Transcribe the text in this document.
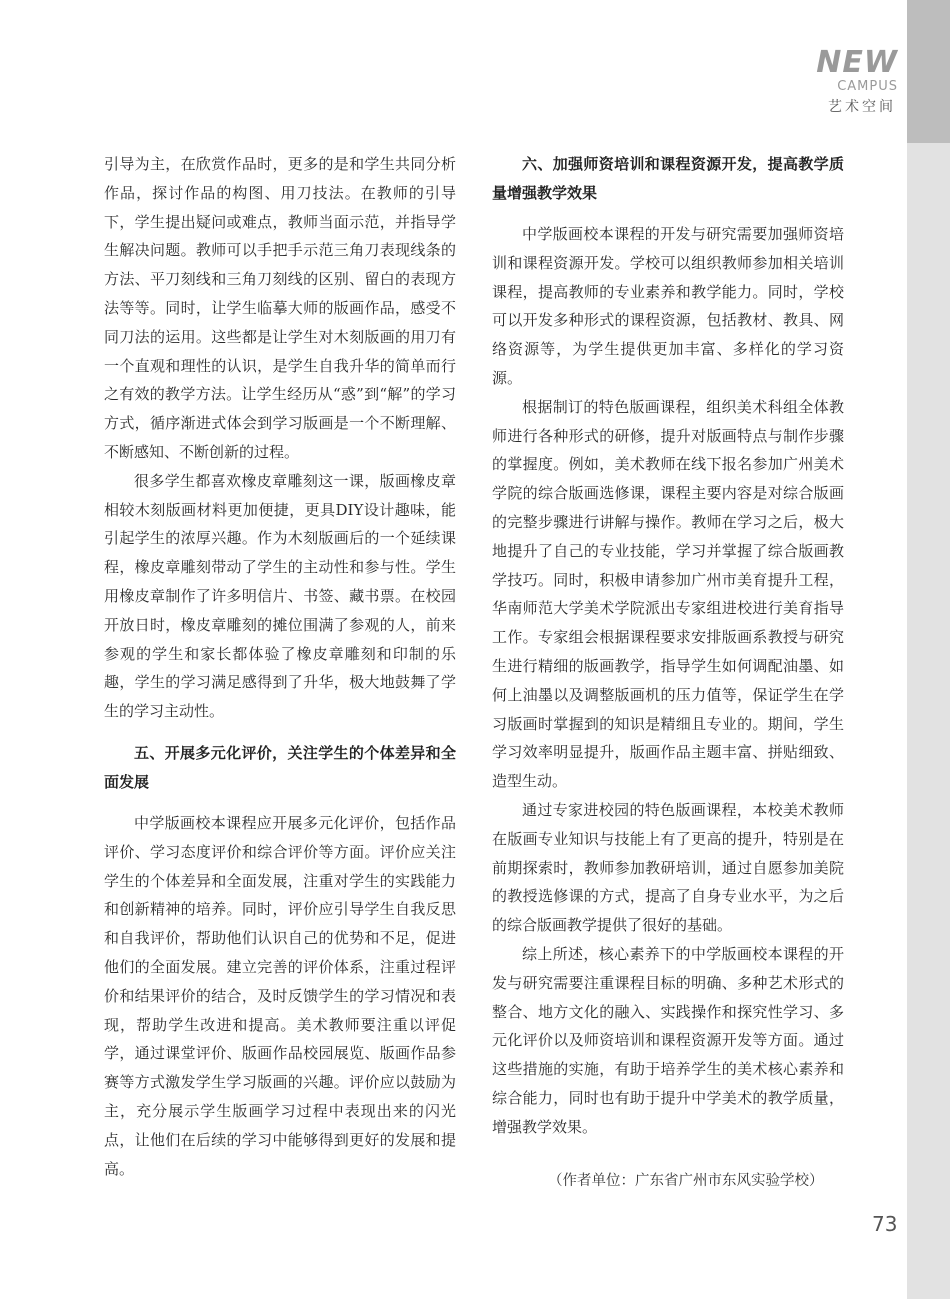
NEW
CAMPUS
艺术空间

引导为主，在欣赏作品时，更多的是和学生共同分析作品，探讨作品的构图、用刀技法。在教师的引导下，学生提出疑问或难点，教师当面示范，并指导学生解决问题。教师可以手把手示范三角刀表现线条的方法、平刀刻线和三角刀刻线的区别、留白的表现方法等等。同时，让学生临摹大师的版画作品，感受不同刀法的运用。这些都是让学生对木刻版画的用刀有一个直观和理性的认识，是学生自我升华的简单而行之有效的教学方法。让学生经历从“惑”到“解”的学习方式，循序渐进式体会到学习版画是一个不断理解、不断感知、不断创新的过程。

很多学生都喜欢橡皮章雕刻这一课，版画橡皮章相较木刻版画材料更加便捷，更具DIY设计趣味，能引起学生的浓厚兴趣。作为木刻版画后的一个延续课程，橡皮章雕刻带动了学生的主动性和参与性。学生用橡皮章制作了许多明信片、书签、藏书票。在校园开放日时，橡皮章雕刻的摊位围满了参观的人，前来参观的学生和家长都体验了橡皮章雕刻和印制的乐趣，学生的学习满足感得到了升华，极大地鼓舞了学生的学习主动性。

五、开展多元化评价，关注学生的个体差异和全面发展

中学版画校本课程应开展多元化评价，包括作品评价、学习态度评价和综合评价等方面。评价应关注学生的个体差异和全面发展，注重对学生的实践能力和创新精神的培养。同时，评价应引导学生自我反思和自我评价，帮助他们认识自己的优势和不足，促进他们的全面发展。建立完善的评价体系，注重过程评价和结果评价的结合，及时反馈学生的学习情况和表现，帮助学生改进和提高。美术教师要注重以评促学，通过课堂评价、版画作品校园展览、版画作品参赛等方式激发学生学习版画的兴趣。评价应以鼓励为主，充分展示学生版画学习过程中表现出来的闪光点，让他们在后续的学习中能够得到更好的发展和提高。

六、加强师资培训和课程资源开发，提高教学质量增强教学效果

中学版画校本课程的开发与研究需要加强师资培训和课程资源开发。学校可以组织教师参加相关培训课程，提高教师的专业素养和教学能力。同时，学校可以开发多种形式的课程资源，包括教材、教具、网络资源等，为学生提供更加丰富、多样化的学习资源。

根据制订的特色版画课程，组织美术科组全体教师进行各种形式的研修，提升对版画特点与制作步骤的掌握度。例如，美术教师在线下报名参加广州美术学院的综合版画选修课，课程主要内容是对综合版画的完整步骤进行讲解与操作。教师在学习之后，极大地提升了自己的专业技能，学习并掌握了综合版画教学技巧。同时，积极申请参加广州市美育提升工程，华南师范大学美术学院派出专家组进校进行美育指导工作。专家组会根据课程要求安排版画系教授与研究生进行精细的版画教学，指导学生如何调配油墨、如何上油墨以及调整版画机的压力值等，保证学生在学习版画时掌握到的知识是精细且专业的。期间，学生学习效率明显提升，版画作品主题丰富、拼贴细致、造型生动。

通过专家进校园的特色版画课程，本校美术教师在版画专业知识与技能上有了更高的提升，特别是在前期探索时，教师参加教研培训，通过自愿参加美院的教授选修课的方式，提高了自身专业水平，为之后的综合版画教学提供了很好的基础。

综上所述，核心素养下的中学版画校本课程的开发与研究需要注重课程目标的明确、多种艺术形式的整合、地方文化的融入、实践操作和探究性学习、多元化评价以及师资培训和课程资源开发等方面。通过这些措施的实施，有助于培养学生的美术核心素养和综合能力，同时也有助于提升中学美术的教学质量，增强教学效果。

（作者单位：广东省广州市东风实验学校）
73
